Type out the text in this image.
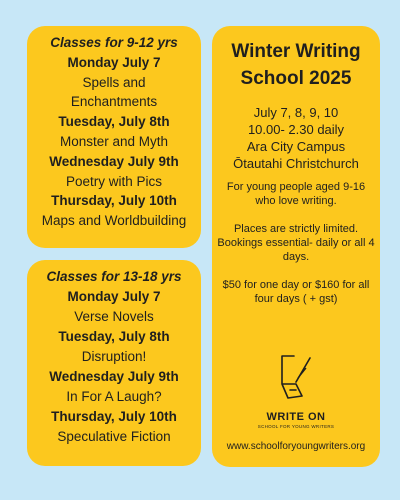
Classes for 9-12 yrs
Monday July 7
Spells and
Enchantments
Tuesday, July 8th
Monster and Myth
Wednesday July 9th
Poetry with Pics
Thursday, July 10th
Maps and Worldbuilding
Classes for 13-18 yrs
Monday July 7
Verse Novels
Tuesday, July 8th
Disruption!
Wednesday July 9th
In For A Laugh?
Thursday, July 10th
Speculative Fiction
Winter Writing
School 2025
July 7, 8, 9, 10
10.00- 2.30 daily
Ara City Campus
Ōtautahi Christchurch
For young people aged 9-16 who love writing.
Places are strictly limited. Bookings essential- daily or all 4 days.
$50 for one day or $160 for all four days ( + gst)
WRITE ON
SCHOOL FOR YOUNG WRITERS
www.schoolforyoungwriters.org
